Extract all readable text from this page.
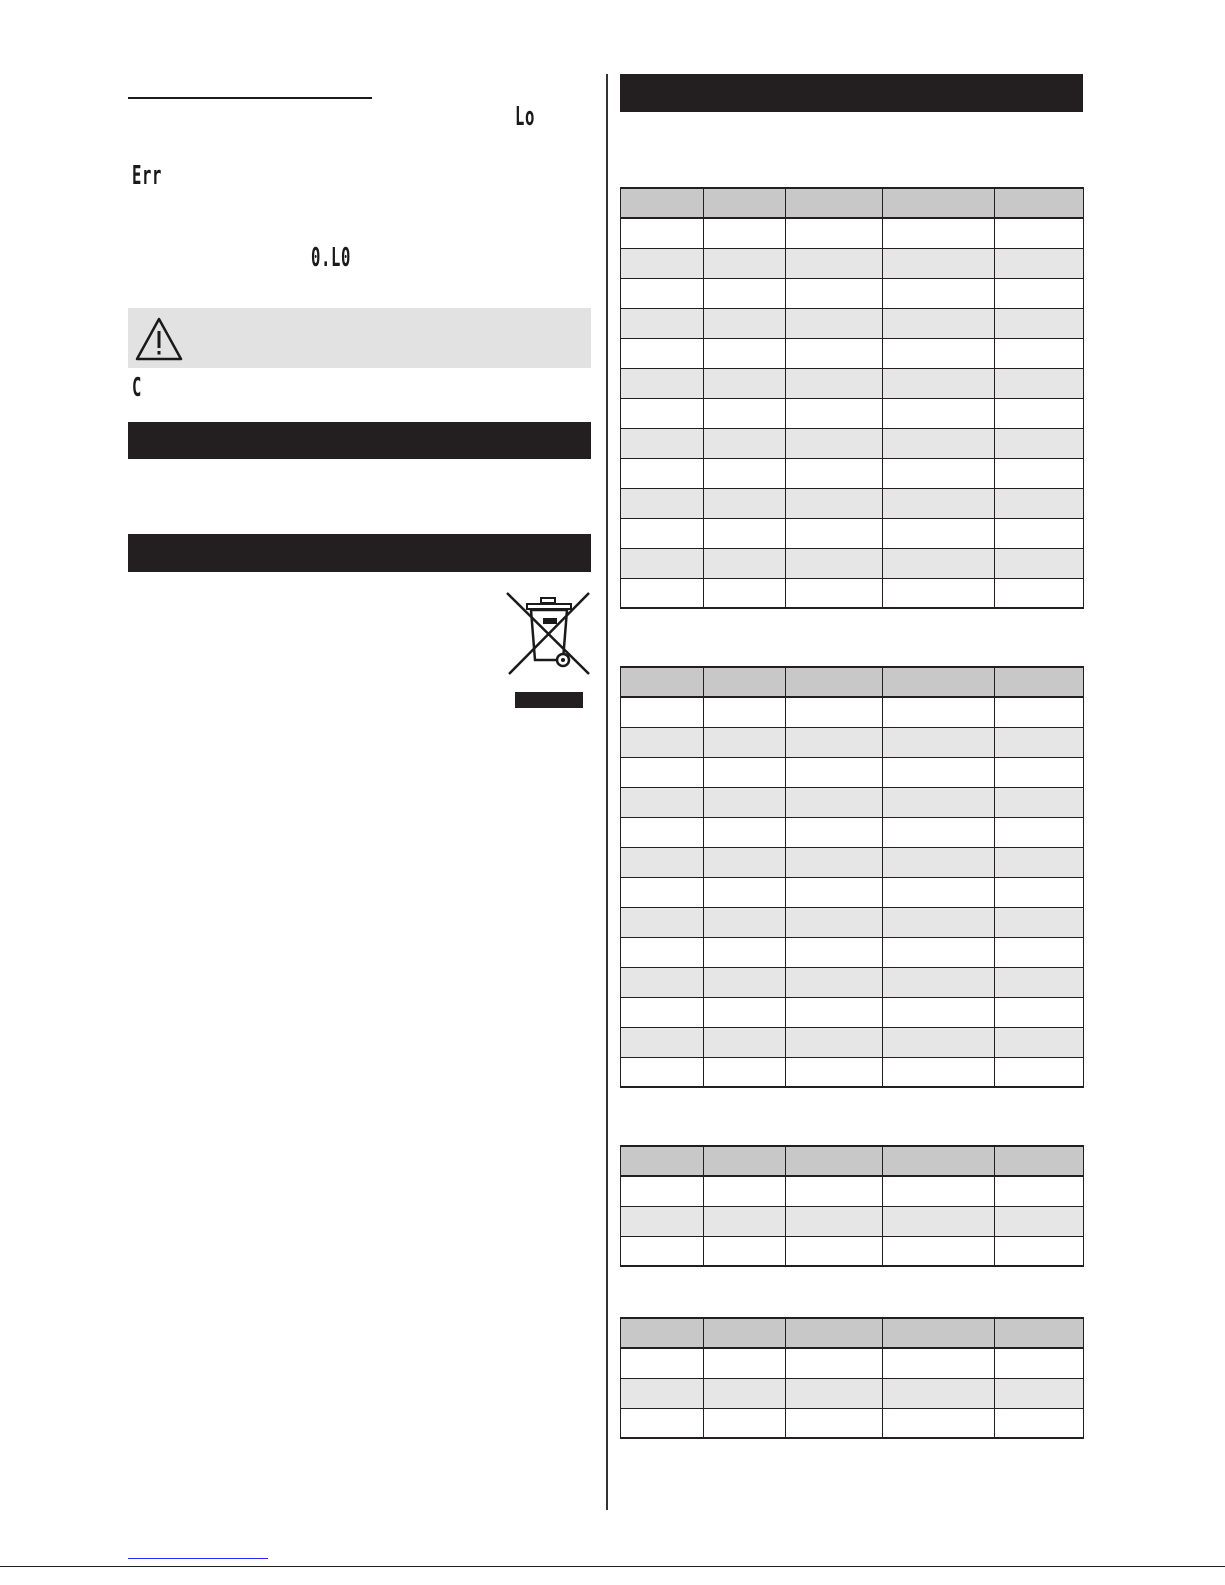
Lo
Err
0.L0
C
